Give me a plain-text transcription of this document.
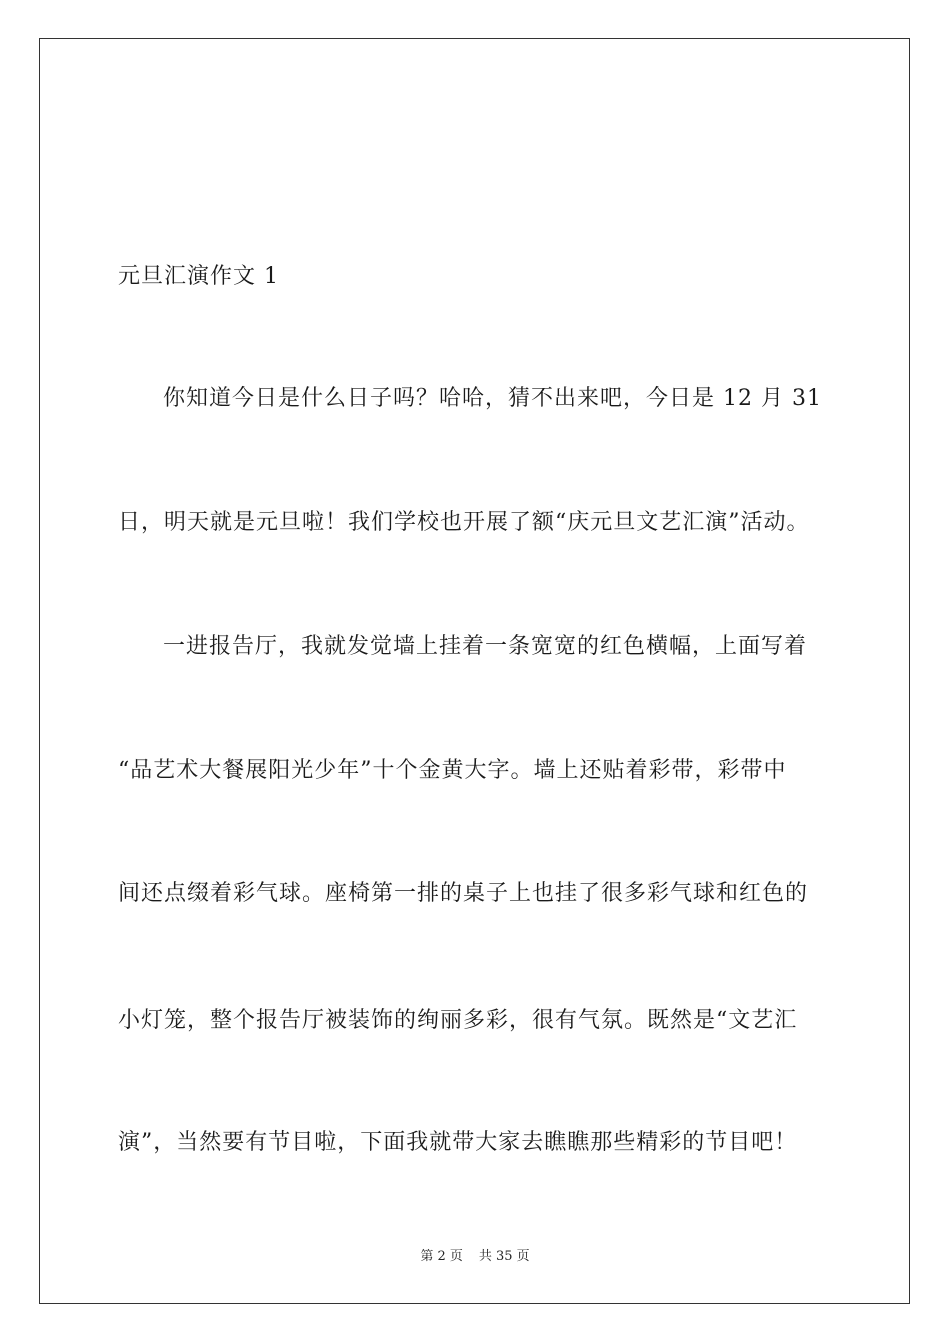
元旦汇演作文 1
你知道今日是什么日子吗？哈哈，猜不出来吧，今日是 12 月 31
日，明天就是元旦啦！我们学校也开展了额“庆元旦文艺汇演”活动。
一进报告厅，我就发觉墙上挂着一条宽宽的红色横幅，上面写着
“品艺术大餐展阳光少年”十个金黄大字。墙上还贴着彩带，彩带中
间还点缀着彩气球。座椅第一排的桌子上也挂了很多彩气球和红色的
小灯笼，整个报告厅被装饰的绚丽多彩，很有气氛。既然是“文艺汇
演”，当然要有节目啦，下面我就带大家去瞧瞧那些精彩的节目吧！
第 2 页 共 35 页
